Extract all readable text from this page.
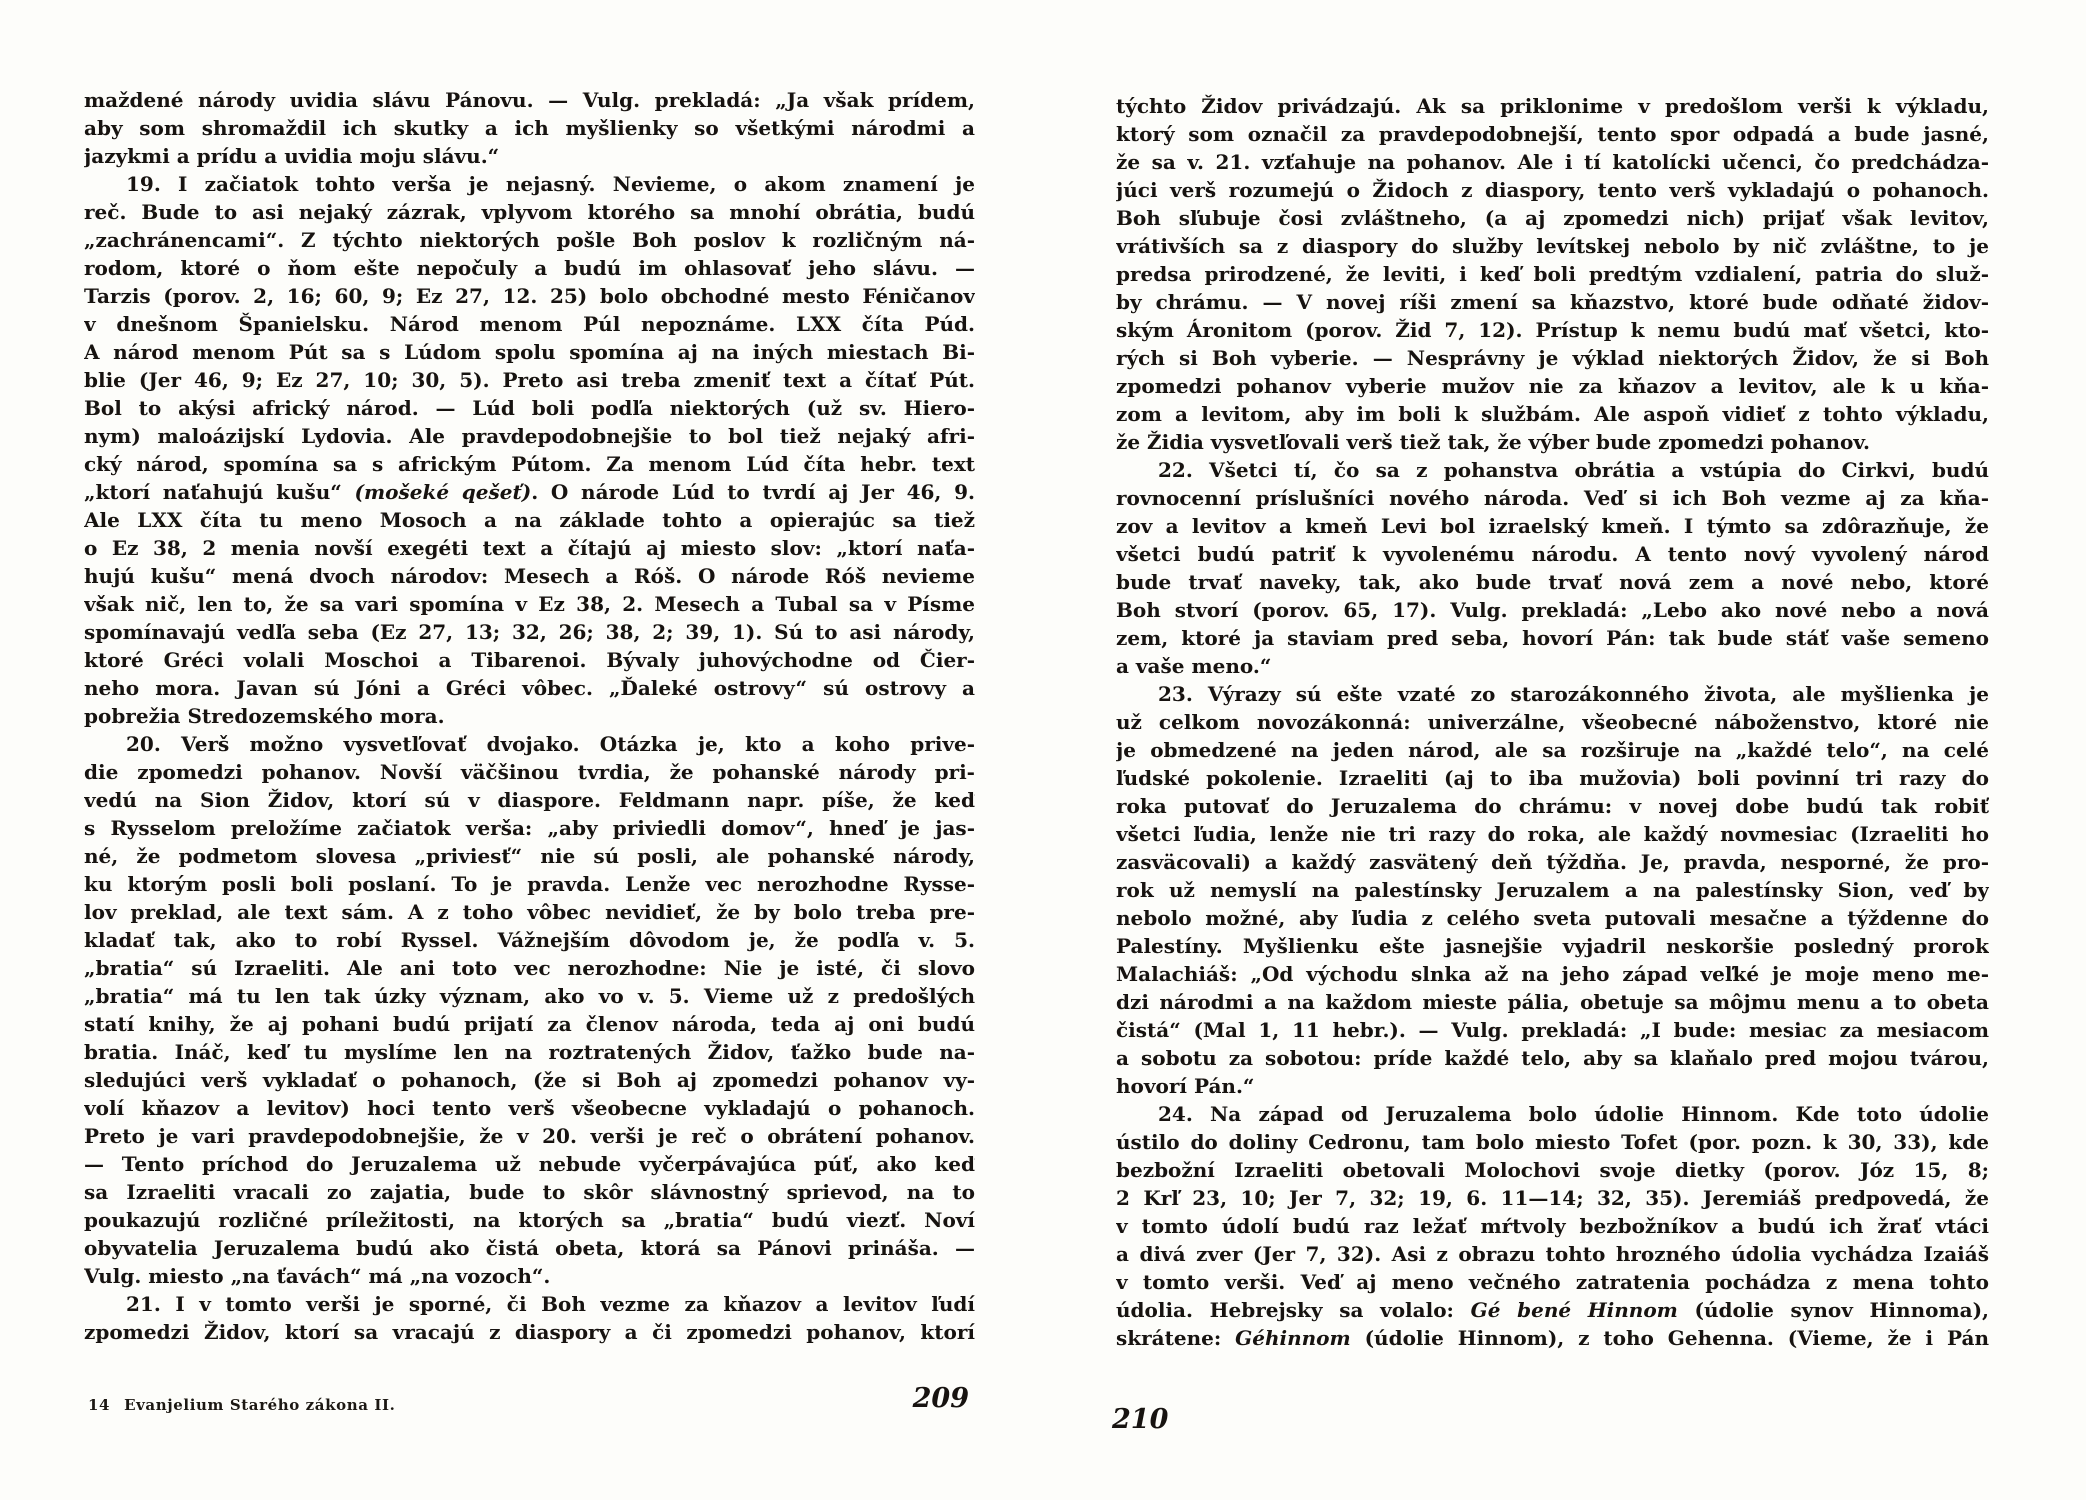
maždené národy uvidia slávu Pánovu. — Vulg. prekladá: „Ja však prídem,
aby som shromaždil ich skutky a ich myšlienky so všetkými národmi a
jazykmi a prídu a uvidia moju slávu.“
19. I začiatok tohto verša je nejasný. Nevieme, o akom znamení je
reč. Bude to asi nejaký zázrak, vplyvom ktorého sa mnohí obrátia, budú
„zachránencami“. Z týchto niektorých pošle Boh poslov k rozličným ná-
rodom, ktoré o ňom ešte nepočuly a budú im ohlasovať jeho slávu. —
Tarzis (porov. 2, 16; 60, 9; Ez 27, 12. 25) bolo obchodné mesto Féničanov
v dnešnom Španielsku. Národ menom Púl nepoznáme. LXX číta Púd.
A národ menom Pút sa s Lúdom spolu spomína aj na iných miestach Bi-
blie (Jer 46, 9; Ez 27, 10; 30, 5). Preto asi treba zmeniť text a čítať Pút.
Bol to akýsi africký národ. — Lúd boli podľa niektorých (už sv. Hiero-
nym) maloázijskí Lydovia. Ale pravdepodobnejšie to bol tiež nejaký afri-
cký národ, spomína sa s africkým Pútom. Za menom Lúd číta hebr. text
„ktorí naťahujú kušu“ (mošeké qešeť). O národe Lúd to tvrdí aj Jer 46, 9.
Ale LXX číta tu meno Mosoch a na základe tohto a opierajúc sa tiež
o Ez 38, 2 menia novší exegéti text a čítajú aj miesto slov: „ktorí naťa-
hujú kušu“ mená dvoch národov: Mesech a Róš. O národe Róš nevieme
však nič, len to, že sa vari spomína v Ez 38, 2. Mesech a Tubal sa v Písme
spomínavajú vedľa seba (Ez 27, 13; 32, 26; 38, 2; 39, 1). Sú to asi národy,
ktoré Gréci volali Moschoi a Tibarenoi. Bývaly juhovýchodne od Čier-
neho mora. Javan sú Jóni a Gréci vôbec. „Ďaleké ostrovy“ sú ostrovy a
pobrežia Stredozemského mora.
20. Verš možno vysvetľovať dvojako. Otázka je, kto a koho prive-
die zpomedzi pohanov. Novší väčšinou tvrdia, že pohanské národy pri-
vedú na Sion Židov, ktorí sú v diaspore. Feldmann napr. píše, že keď
s Rysselom preložíme začiatok verša: „aby priviedli domov“, hneď je jas-
né, že podmetom slovesa „priviesť“ nie sú posli, ale pohanské národy,
ku ktorým posli boli poslaní. To je pravda. Lenže vec nerozhodne Rysse-
lov preklad, ale text sám. A z toho vôbec nevidieť, že by bolo treba pre-
kladať tak, ako to robí Ryssel. Vážnejším dôvodom je, že podľa v. 5.
„bratia“ sú Izraeliti. Ale ani toto vec nerozhodne: Nie je isté, či slovo
„bratia“ má tu len tak úzky význam, ako vo v. 5. Vieme už z predošlých
statí knihy, že aj pohani budú prijatí za členov národa, teda aj oni budú
bratia. Ináč, keď tu myslíme len na roztratených Židov, ťažko bude na-
sledujúci verš vykladať o pohanoch, (že si Boh aj zpomedzi pohanov vy-
volí kňazov a levitov) hoci tento verš všeobecne vykladajú o pohanoch.
Preto je vari pravdepodobnejšie, že v 20. verši je reč o obrátení pohanov.
— Tento príchod do Jeruzalema už nebude vyčerpávajúca púť, ako keď
sa Izraeliti vracali zo zajatia, bude to skôr slávnostný sprievod, na to
poukazujú rozličné príležitosti, na ktorých sa „bratia“ budú viezť. Noví
obyvatelia Jeruzalema budú ako čistá obeta, ktorá sa Pánovi prináša. —
Vulg. miesto „na ťavách“ má „na vozoch“.
21. I v tomto verši je sporné, či Boh vezme za kňazov a levitov ľudí
zpomedzi Židov, ktorí sa vracajú z diaspory a či zpomedzi pohanov, ktorí
týchto Židov privádzajú. Ak sa priklonime v predošlom verši k výkladu,
ktorý som označil za pravdepodobnejší, tento spor odpadá a bude jasné,
že sa v. 21. vzťahuje na pohanov. Ale i tí katolícki učenci, čo predchádza-
júci verš rozumejú o Židoch z diaspory, tento verš vykladajú o pohanoch.
Boh sľubuje čosi zvláštneho, (a aj zpomedzi nich) prijať však levitov,
vrátivších sa z diaspory do služby levítskej nebolo by nič zvláštne, to je
predsa prirodzené, že leviti, i keď boli predtým vzdialení, patria do služ-
by chrámu. — V novej ríši zmení sa kňazstvo, ktoré bude odňaté židov-
ským Áronitom (porov. Žid 7, 12). Prístup k nemu budú mať všetci, kto-
rých si Boh vyberie. — Nesprávny je výklad niektorých Židov, že si Boh
zpomedzi pohanov vyberie mužov nie za kňazov a levitov, ale k u kňa-
zom a levitom, aby im boli k službám. Ale aspoň vidieť z tohto výkladu,
že Židia vysvetľovali verš tiež tak, že výber bude zpomedzi pohanov.
22. Všetci tí, čo sa z pohanstva obrátia a vstúpia do Cirkvi, budú
rovnocenní príslušníci nového národa. Veď si ich Boh vezme aj za kňa-
zov a levitov a kmeň Levi bol izraelský kmeň. I týmto sa zdôrazňuje, že
všetci budú patriť k vyvolenému národu. A tento nový vyvolený národ
bude trvať naveky, tak, ako bude trvať nová zem a nové nebo, ktoré
Boh stvorí (porov. 65, 17). Vulg. prekladá: „Lebo ako nové nebo a nová
zem, ktoré ja staviam pred seba, hovorí Pán: tak bude stáť vaše semeno
a vaše meno.“
23. Výrazy sú ešte vzaté zo starozákonného života, ale myšlienka je
už celkom novozákonná: univerzálne, všeobecné náboženstvo, ktoré nie
je obmedzené na jeden národ, ale sa rozširuje na „každé telo“, na celé
ľudské pokolenie. Izraeliti (aj to iba mužovia) boli povinní tri razy do
roka putovať do Jeruzalema do chrámu: v novej dobe budú tak robiť
všetci ľudia, lenže nie tri razy do roka, ale každý novmesiac (Izraeliti ho
zasväcovali) a každý zasvätený deň týždňa. Je, pravda, nesporné, že pro-
rok už nemyslí na palestínsky Jeruzalem a na palestínsky Sion, veď by
nebolo možné, aby ľudia z celého sveta putovali mesačne a týždenne do
Palestíny. Myšlienku ešte jasnejšie vyjadril neskoršie posledný prorok
Malachiáš: „Od východu slnka až na jeho západ veľké je moje meno me-
dzi národmi a na každom mieste pália, obetuje sa môjmu menu a to obeta
čistá“ (Mal 1, 11 hebr.). — Vulg. prekladá: „I bude: mesiac za mesiacom
a sobotu za sobotou: príde každé telo, aby sa klaňalo pred mojou tvárou,
hovorí Pán.“
24. Na západ od Jeruzalema bolo údolie Hinnom. Kde toto údolie
ústilo do doliny Cedronu, tam bolo miesto Tofet (por. pozn. k 30, 33), kde
bezbožní Izraeliti obetovali Molochovi svoje dietky (porov. Józ 15, 8;
2 Krľ 23, 10; Jer 7, 32; 19, 6. 11—14; 32, 35). Jeremiáš predpovedá, že
v tomto údolí budú raz ležať mŕtvoly bezbožníkov a budú ich žrať vtáci
a divá zver (Jer 7, 32). Asi z obrazu tohto hrozného údolia vychádza Izaiáš
v tomto verši. Veď aj meno večného zatratenia pochádza z mena tohto
údolia. Hebrejsky sa volalo: Gé bené Hinnom (údolie synov Hinnoma),
skrátene: Géhinnom (údolie Hinnom), z toho Gehenna. (Vieme, že i Pán
14 Evanjelium Starého zákona II.	209
210
